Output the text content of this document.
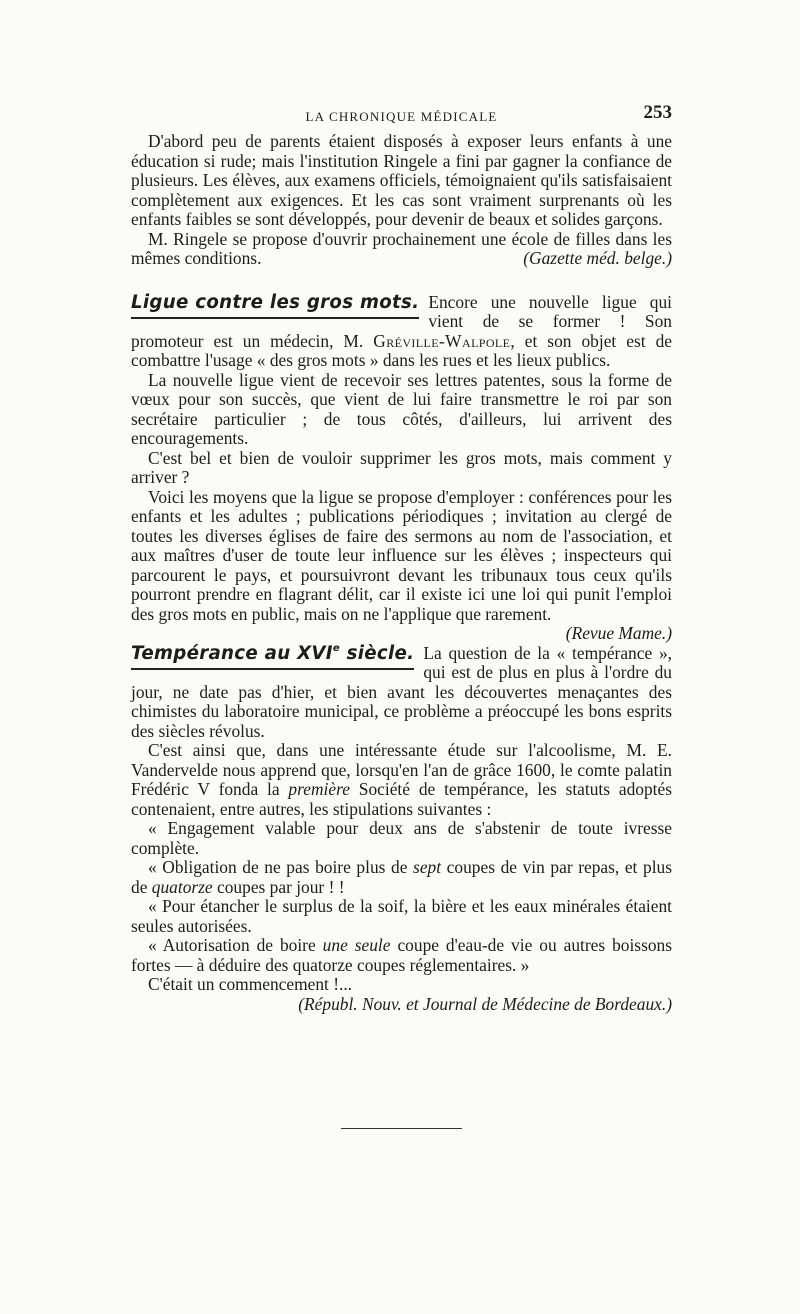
LA CHRONIQUE MÉDICALE	253

D'abord peu de parents étaient disposés à exposer leurs enfants à une éducation si rude; mais l'institution Ringele a fini par gagner la confiance de plusieurs. Les élèves, aux examens officiels, témoignaient qu'ils satisfaisaient complètement aux exigences. Et les cas sont vraiment surprenants où les enfants faibles se sont développés, pour devenir de beaux et solides garçons.

M. Ringele se propose d'ouvrir prochainement une école de filles dans les mêmes conditions.	(Gazette méd. belge.)

Ligue contre les gros mots. Encore une nouvelle ligue qui vient de se former ! Son promoteur est un médecin, M. Gréville-Walpole, et son objet est de combattre l'usage « des gros mots » dans les rues et les lieux publics.

La nouvelle ligue vient de recevoir ses lettres patentes, sous la forme de vœux pour son succès, que vient de lui faire transmettre le roi par son secrétaire particulier ; de tous côtés, d'ailleurs, lui arrivent des encouragements.

C'est bel et bien de vouloir supprimer les gros mots, mais comment y arriver ?

Voici les moyens que la ligue se propose d'employer : conférences pour les enfants et les adultes ; publications périodiques ; invitation au clergé de toutes les diverses églises de faire des sermons au nom de l'association, et aux maîtres d'user de toute leur influence sur les élèves ; inspecteurs qui parcourent le pays, et poursuivront devant les tribunaux tous ceux qu'ils pourront prendre en flagrant délit, car il existe ici une loi qui punit l'emploi des gros mots en public, mais on ne l'applique que rarement.
(Revue Mame.)

Tempérance au XVIe siècle. La question de la « tempérance », qui est de plus en plus à l'ordre du jour, ne date pas d'hier, et bien avant les découvertes menaçantes des chimistes du laboratoire municipal, ce problème a préoccupé les bons esprits des siècles révolus.

C'est ainsi que, dans une intéressante étude sur l'alcoolisme, M. E. Vandervelde nous apprend que, lorsqu'en l'an de grâce 1600, le comte palatin Frédéric V fonda la première Société de tempérance, les statuts adoptés contenaient, entre autres, les stipulations suivantes :

« Engagement valable pour deux ans de s'abstenir de toute ivresse complète.

« Obligation de ne pas boire plus de sept coupes de vin par repas, et plus de quatorze coupes par jour ! !

« Pour étancher le surplus de la soif, la bière et les eaux minérales étaient seules autorisées.

« Autorisation de boire une seule coupe d'eau-de vie ou autres boissons fortes — à déduire des quatorze coupes réglementaires. »

C'était un commencement !...

(Républ. Nouv. et Journal de Médecine de Bordeaux.)
